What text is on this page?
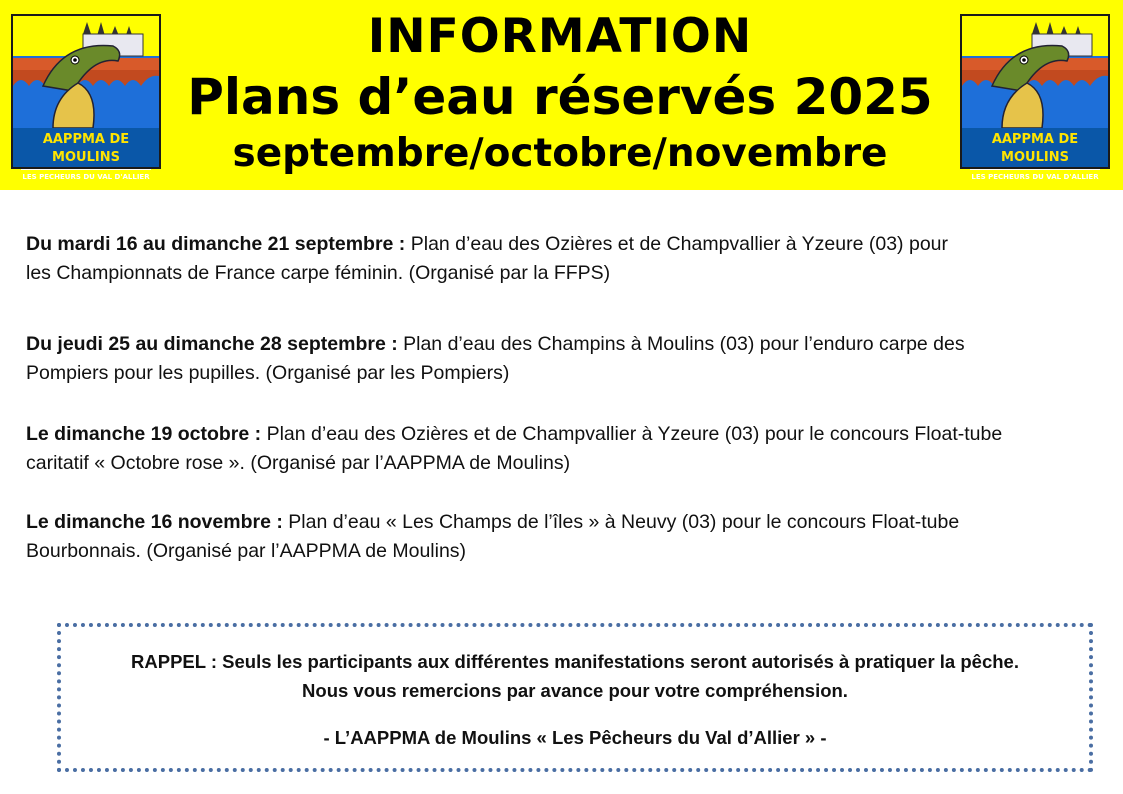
AAPPMA DE MOULINS
LES PECHEURS DU VAL D'ALLIER
INFORMATION
Plans d’eau réservés 2025
septembre/octobre/novembre	AAPPMA DE MOULINS
LES PECHEURS DU VAL D'ALLIER
Du mardi 16 au dimanche 21 septembre : Plan d’eau des Ozières et de Champvallier à Yzeure (03) pour
les Championnats de France carpe féminin. (Organisé par la FFPS)
Du jeudi 25 au dimanche 28 septembre : Plan d’eau des Champins à Moulins (03) pour l’enduro carpe des
Pompiers pour les pupilles. (Organisé par les Pompiers)
Le dimanche 19 octobre : Plan d’eau des Ozières et de Champvallier à Yzeure (03) pour le concours Float-tube
caritatif « Octobre rose ». (Organisé par l’AAPPMA de Moulins)
Le dimanche 16 novembre : Plan d’eau « Les Champs de l’îles » à Neuvy (03) pour le concours Float-tube
Bourbonnais. (Organisé par l’AAPPMA de Moulins)
RAPPEL : Seuls les participants aux différentes manifestations seront autorisés à pratiquer la pêche.
Nous vous remercions par avance pour votre compréhension.
- L’AAPPMA de Moulins « Les Pêcheurs du Val d’Allier » -
